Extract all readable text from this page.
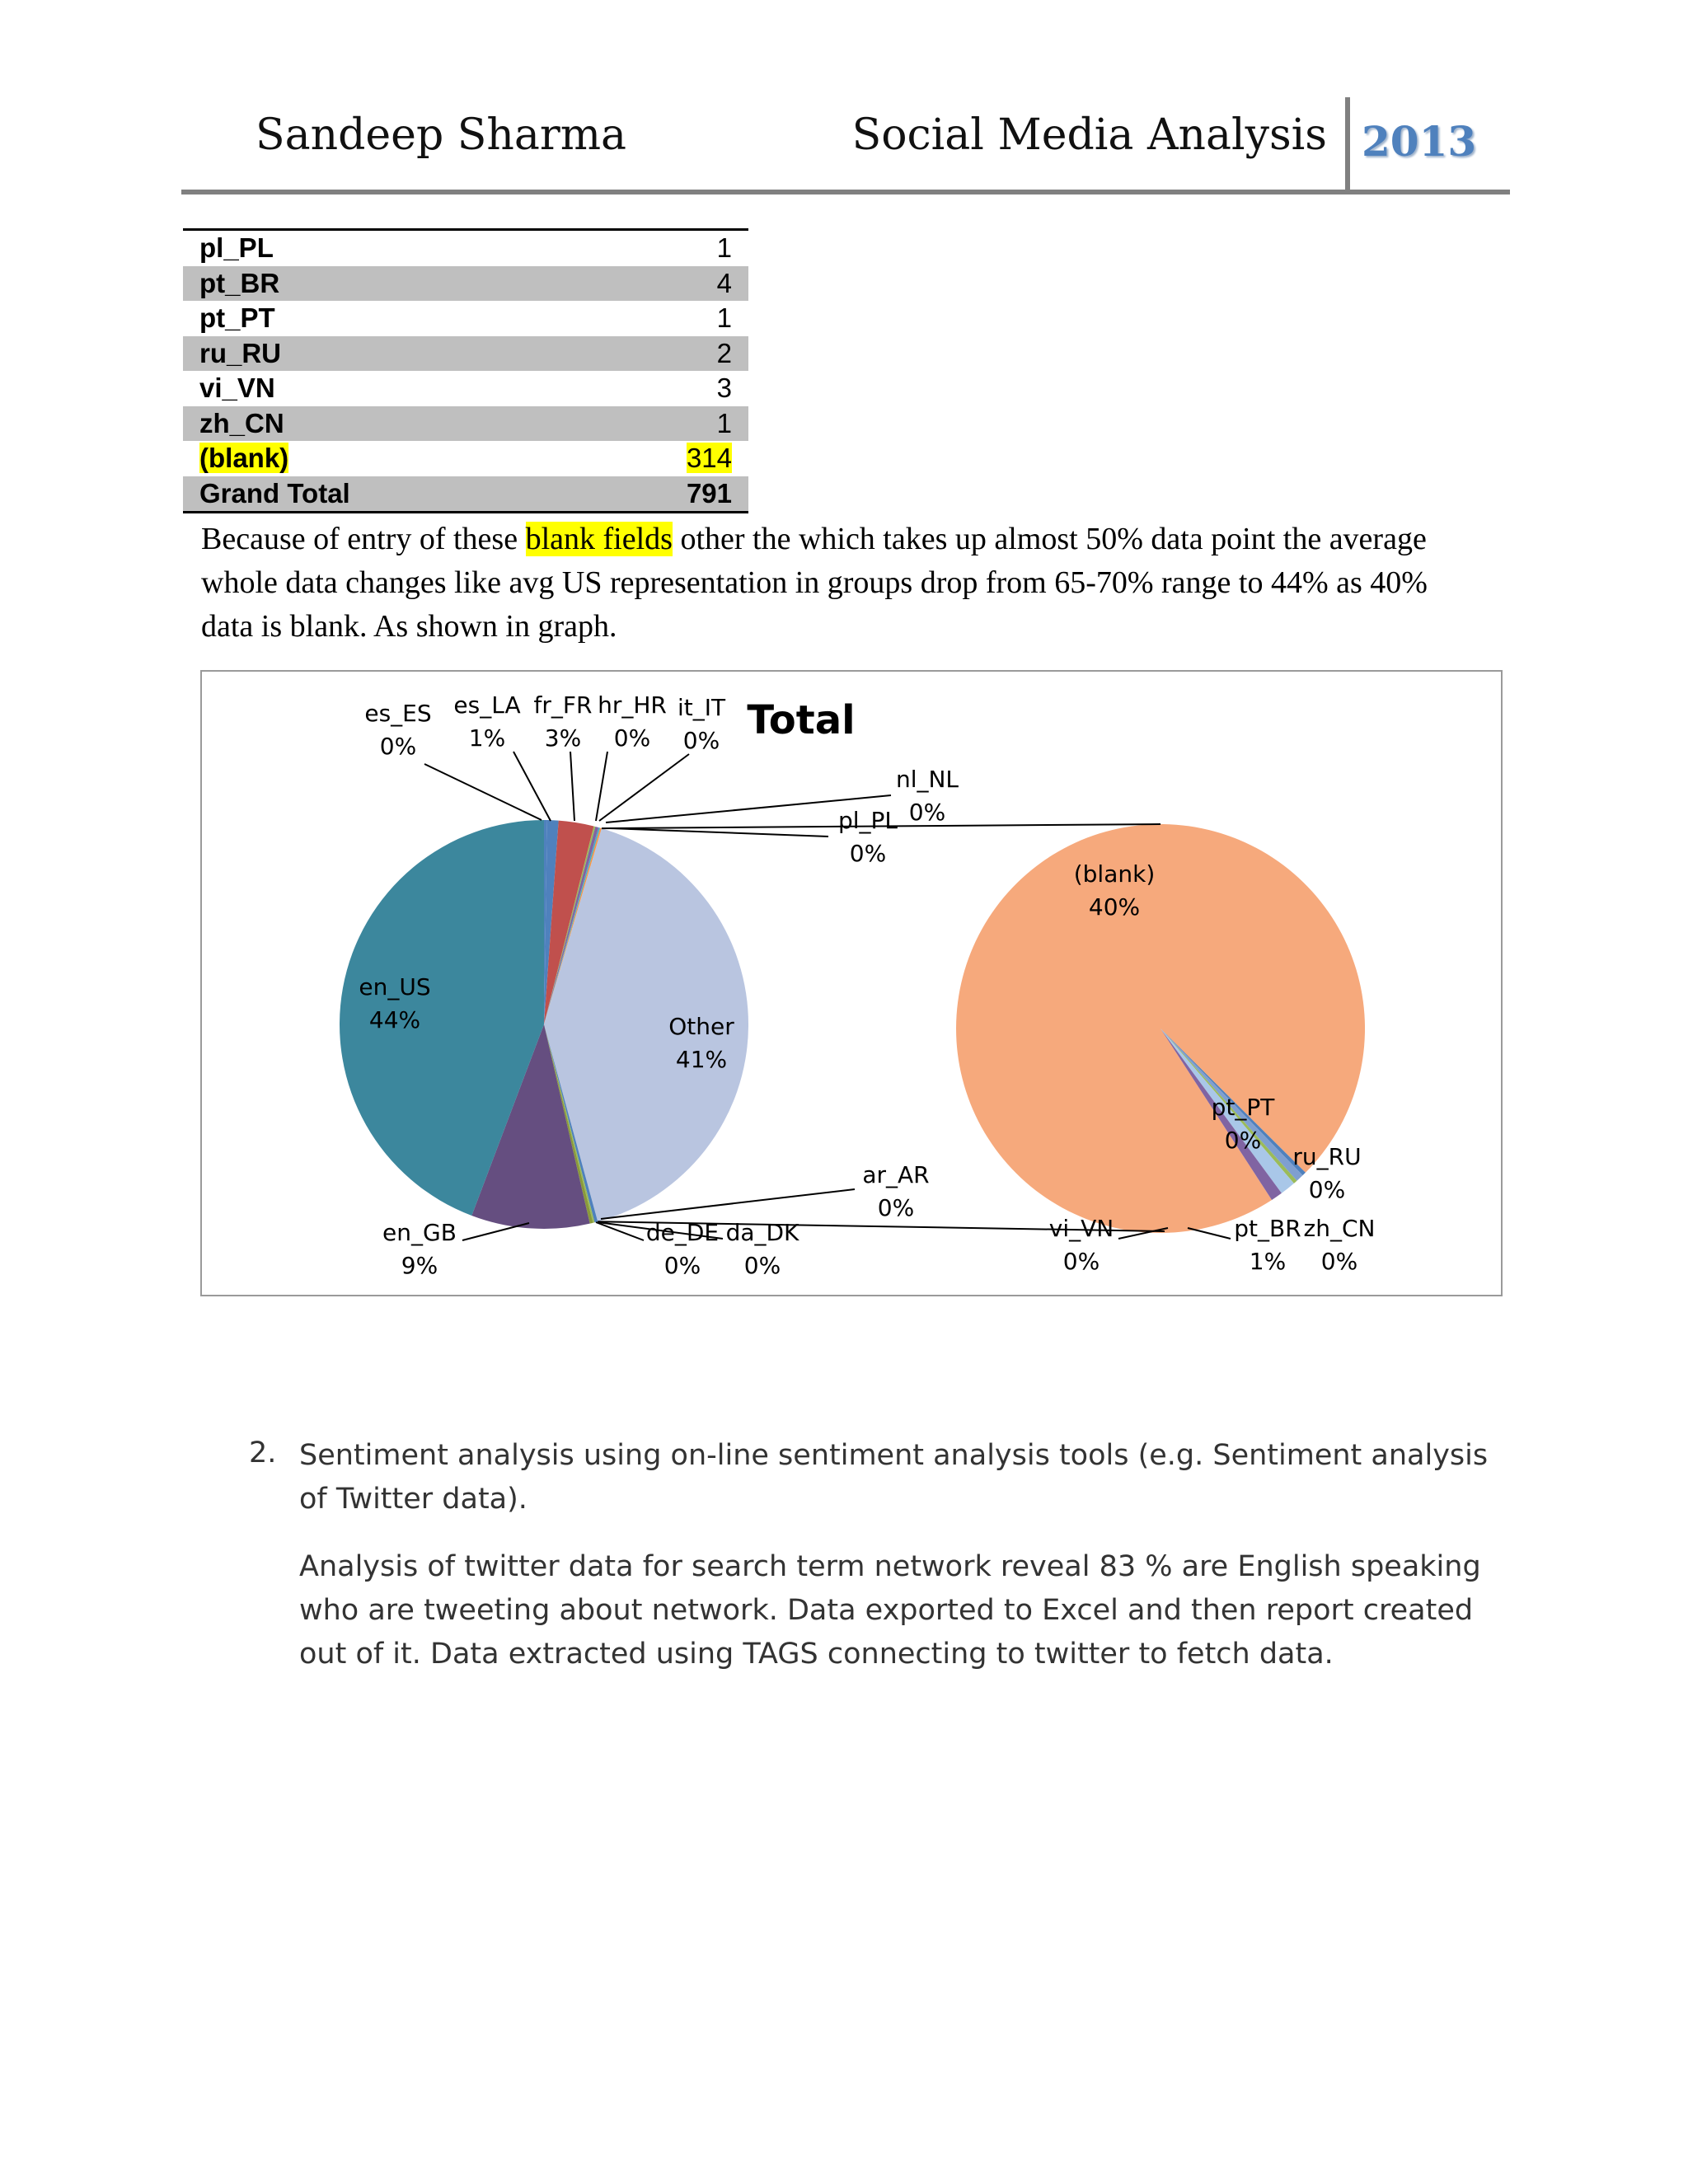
Sandeep Sharma	Social Media Analysis 2013
pl_PL	1
pt_BR	4
pt_PT	1
ru_RU	2
vi_VN	3
zh_CN	1
(blank)	314
Grand Total	791
Because of entry of these blank fields other the which takes up almost 50% data point the average whole data changes like avg US representation in groups drop from 65-70% range to 44% as 40% data is blank. As shown in graph.
Total
es_ES
0%
es_LA
1%
fr_FR
3%
hr_HR
0%
it_IT
0%
nl_NL
0%
pl_PL
0%
Other
41%
ar_AR
0%
da_DK
0%
de_DE
0%
en_GB
9%
en_US
44%
(blank)
40%
pt_PT
0%
ru_RU
0%
zh_CN
0%
pt_BR
1%
vi_VN
0%
2. Sentiment analysis using on-line sentiment analysis tools (e.g. Sentiment analysis of Twitter data).
Analysis of twitter data for search term network reveal 83 % are English speaking who are tweeting about network. Data exported to Excel and then report created out of it. Data extracted using TAGS connecting to twitter to fetch data.
